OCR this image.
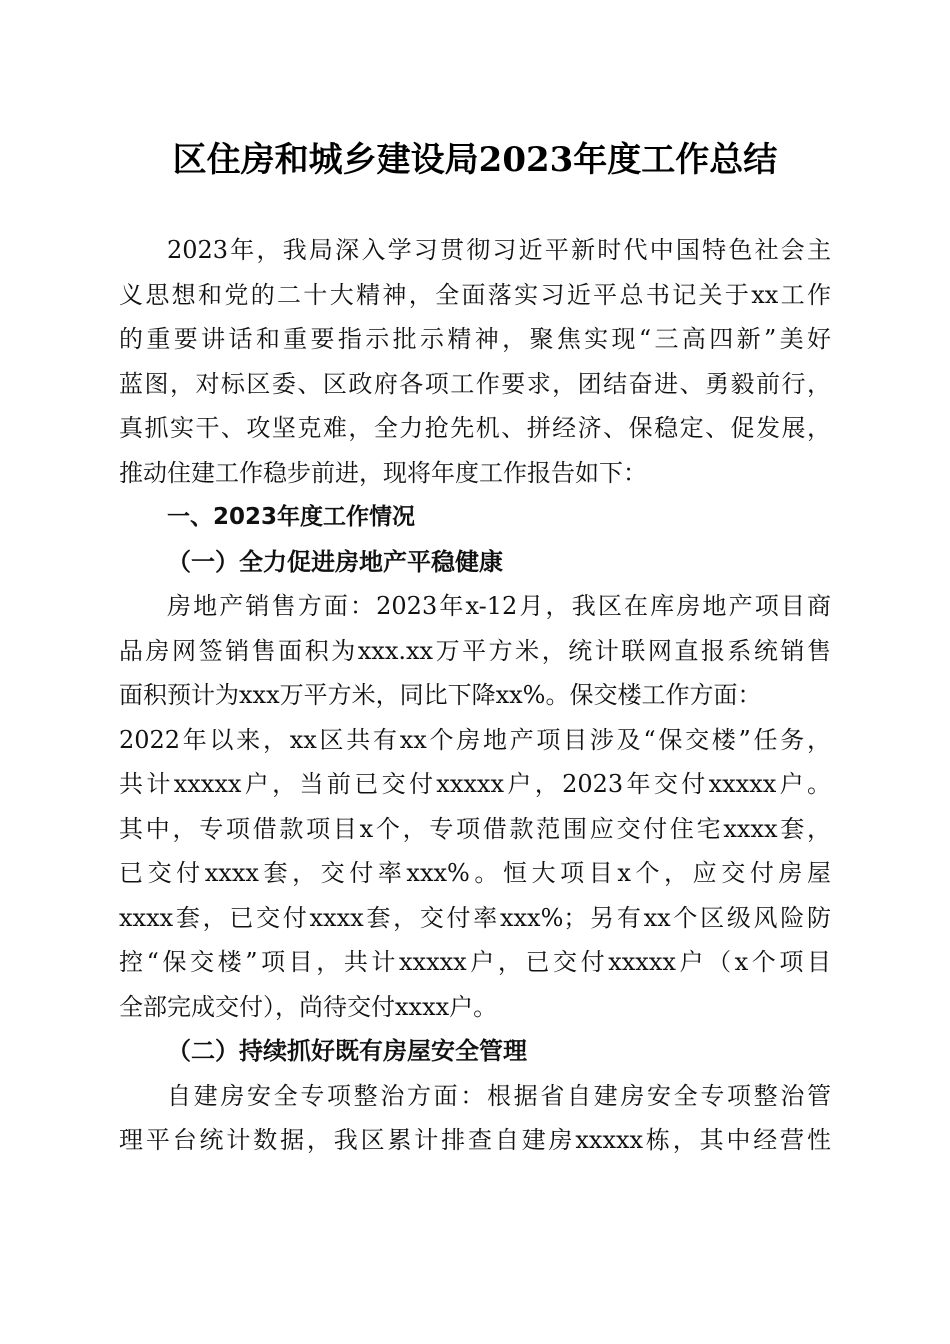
区住房和城乡建设局2023年度工作总结
2023年，我局深入学习贯彻习近平新时代中国特色社会主
义思想和党的二十大精神，全面落实习近平总书记关于xx工作
的重要讲话和重要指示批示精神，聚焦实现“三高四新”美好
蓝图，对标区委、区政府各项工作要求，团结奋进、勇毅前行，
真抓实干、攻坚克难，全力抢先机、拼经济、保稳定、促发展，
推动住建工作稳步前进，现将年度工作报告如下：
一、2023年度工作情况
（一）全力促进房地产平稳健康
房地产销售方面：2023年x-12月，我区在库房地产项目商
品房网签销售面积为xxx.xx万平方米，统计联网直报系统销售
面积预计为xxx万平方米，同比下降xx%。保交楼工作方面：
2022年以来，xx区共有xx个房地产项目涉及“保交楼”任务，
共计xxxxx户，当前已交付xxxxx户，2023年交付xxxxx户。
其中，专项借款项目x个，专项借款范围应交付住宅xxxx套，
已交付xxxx套，交付率xxx%。恒大项目x个，应交付房屋
xxxx套，已交付xxxx套，交付率xxx%；另有xx个区级风险防
控“保交楼”项目，共计xxxxx户，已交付xxxxx户（x个项目
全部完成交付），尚待交付xxxx户。
（二）持续抓好既有房屋安全管理
自建房安全专项整治方面：根据省自建房安全专项整治管
理平台统计数据，我区累计排查自建房xxxxx栋，其中经营性
